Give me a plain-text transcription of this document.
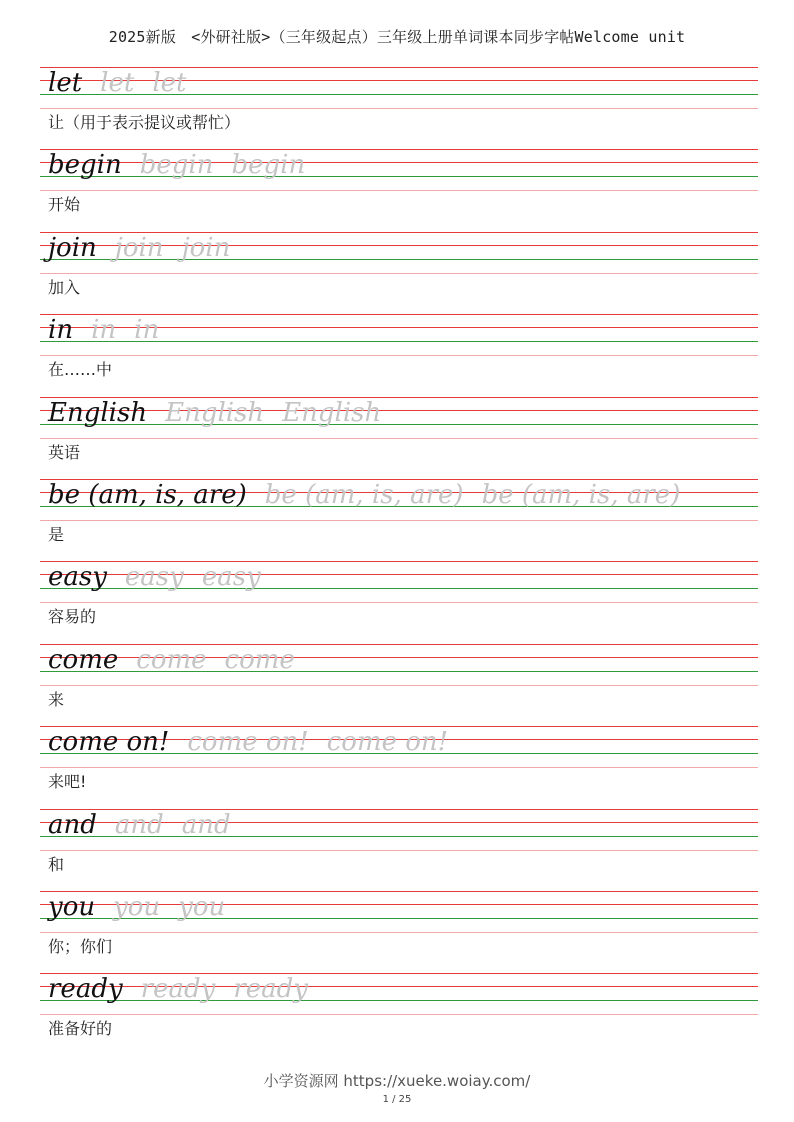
2025新版　<外研社版>（三年级起点）三年级上册单词课本同步字帖Welcome unit
let let let
让（用于表示提议或帮忙）
begin begin begin
开始
join join join
加入
in in in
在……中
English English English
英语
be (am, is, are) be (am, is, are) be (am, is, are)
是
easy easy easy
容易的
come come come
来
come on! come on! come on!
来吧!
and and and
和
you you you
你；你们
ready ready ready
准备好的
小学资源网 https://xueke.woiay.com/
1 / 25
